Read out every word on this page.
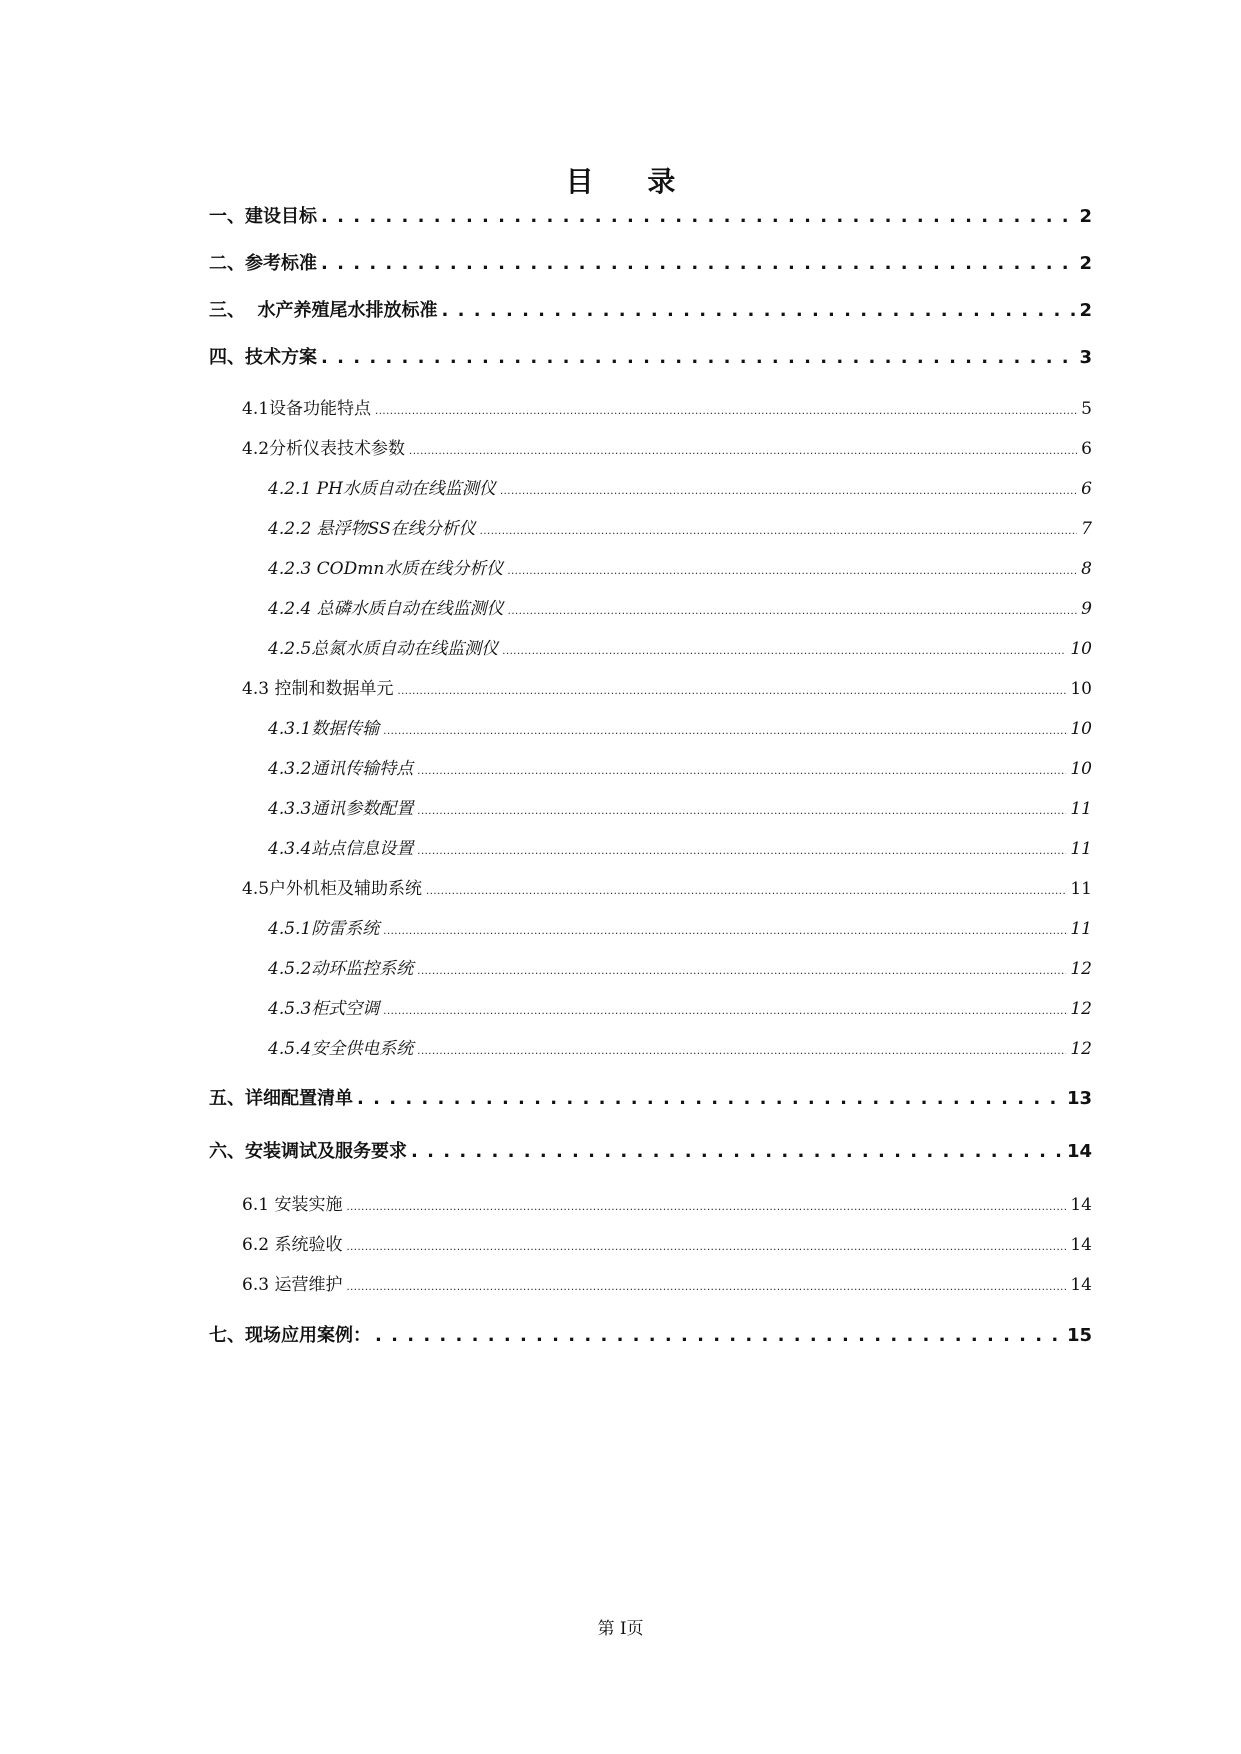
目 录
一、建设目标 . . .	2
二、参考标准 . . .	2
三、  水产养殖尾水排放标准 . . .	2
四、技术方案 . . .	3
4.1设备功能特点 .....	5
4.2分析仪表技术参数 .....	6
4.2.1 PH水质自动在线监测仪 .....	6
4.2.2 悬浮物SS在线分析仪 .....	7
4.2.3 CODmn水质在线分析仪 .....	8
4.2.4 总磷水质自动在线监测仪 .....	9
4.2.5总氮水质自动在线监测仪 .....	10
4.3 控制和数据单元 .....	10
4.3.1数据传输 .....	10
4.3.2通讯传输特点 .....	10
4.3.3通讯参数配置 .....	11
4.3.4站点信息设置 .....	11
4.5户外机柜及辅助系统 .....	11
4.5.1防雷系统 .....	11
4.5.2动环监控系统 .....	12
4.5.3柜式空调 .....	12
4.5.4安全供电系统 .....	12
五、详细配置清单 . . .	13
六、安装调试及服务要求 . . .	14
6.1 安装实施 .....	14
6.2 系统验收 .....	14
6.3 运营维护 .....	14
七、现场应用案例： . . .	15
第 I页
